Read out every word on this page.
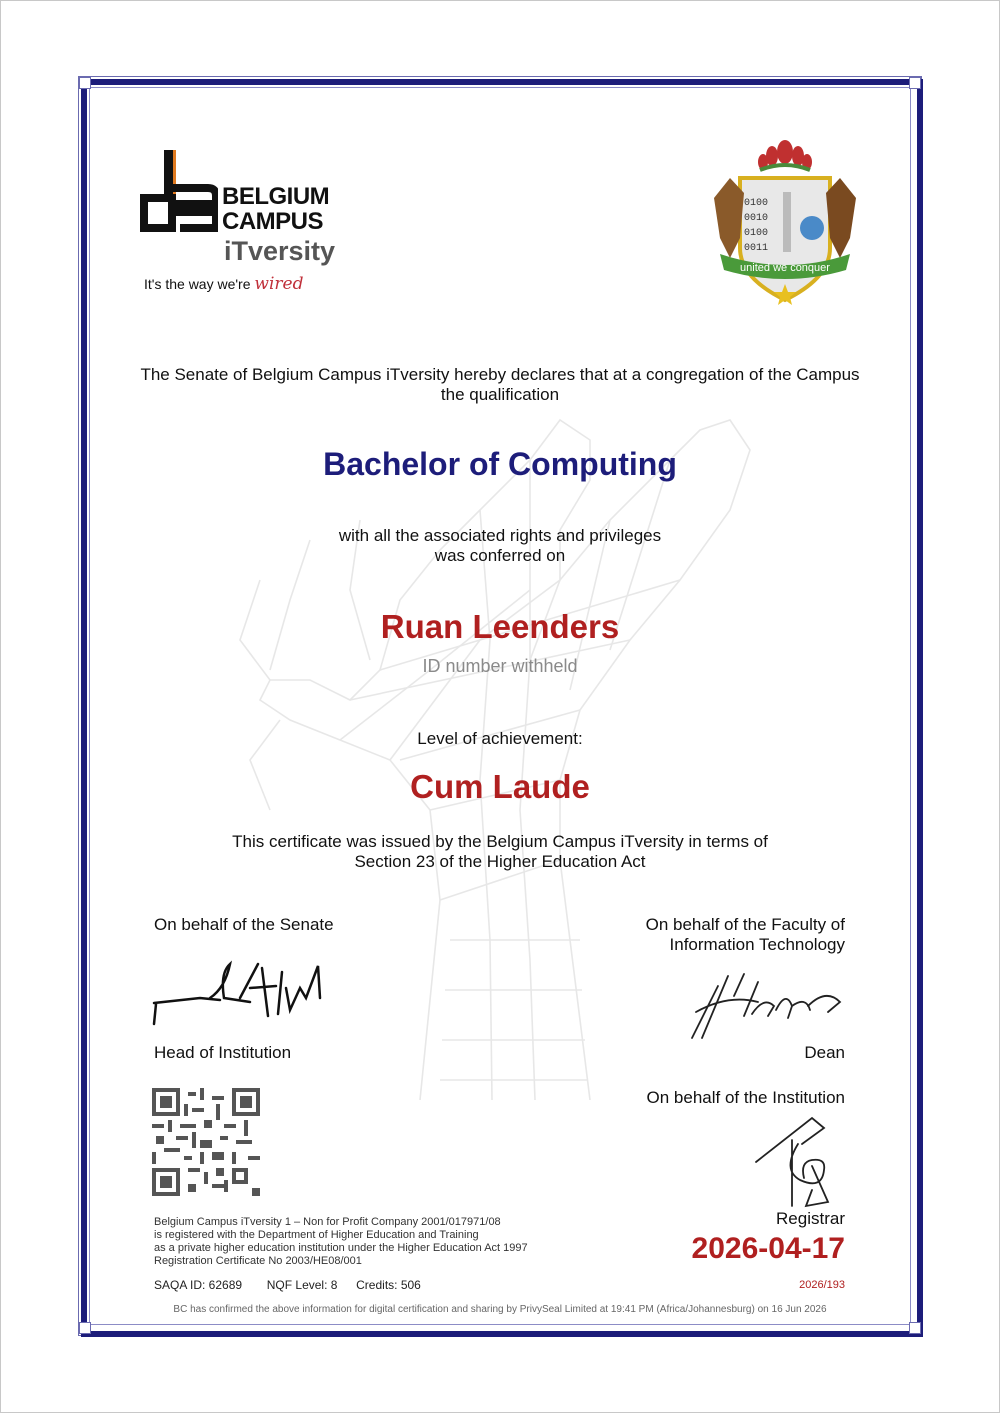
BELGIUM
CAMPUS
iTversity
It's the way we're wired
united we conquer
0100
0010
0100
0011
The Senate of Belgium Campus iTversity hereby declares that at a congregation of the Campus
the qualification
Bachelor of Computing
with all the associated rights and privileges
was conferred on
Ruan Leenders
ID number withheld
Level of achievement:
Cum Laude
This certificate was issued by the Belgium Campus iTversity in terms of
Section 23 of the Higher Education Act
On behalf of the Senate
Head of Institution
On behalf of the Faculty of
Information Technology
Dean
On behalf of the Institution
Registrar
Belgium Campus iTversity 1 – Non for Profit Company 2001/017971/08
is registered with the Department of Higher Education and Training
as a private higher education institution under the Higher Education Act 1997
Registration Certificate No 2003/HE08/001
SAQA ID: 62689 NQF Level: 8 Credits: 506
2026-04-17
2026/193
BC has confirmed the above information for digital certification and sharing by PrivySeal Limited at 19:41 PM (Africa/Johannesburg) on 16 Jun 2026
